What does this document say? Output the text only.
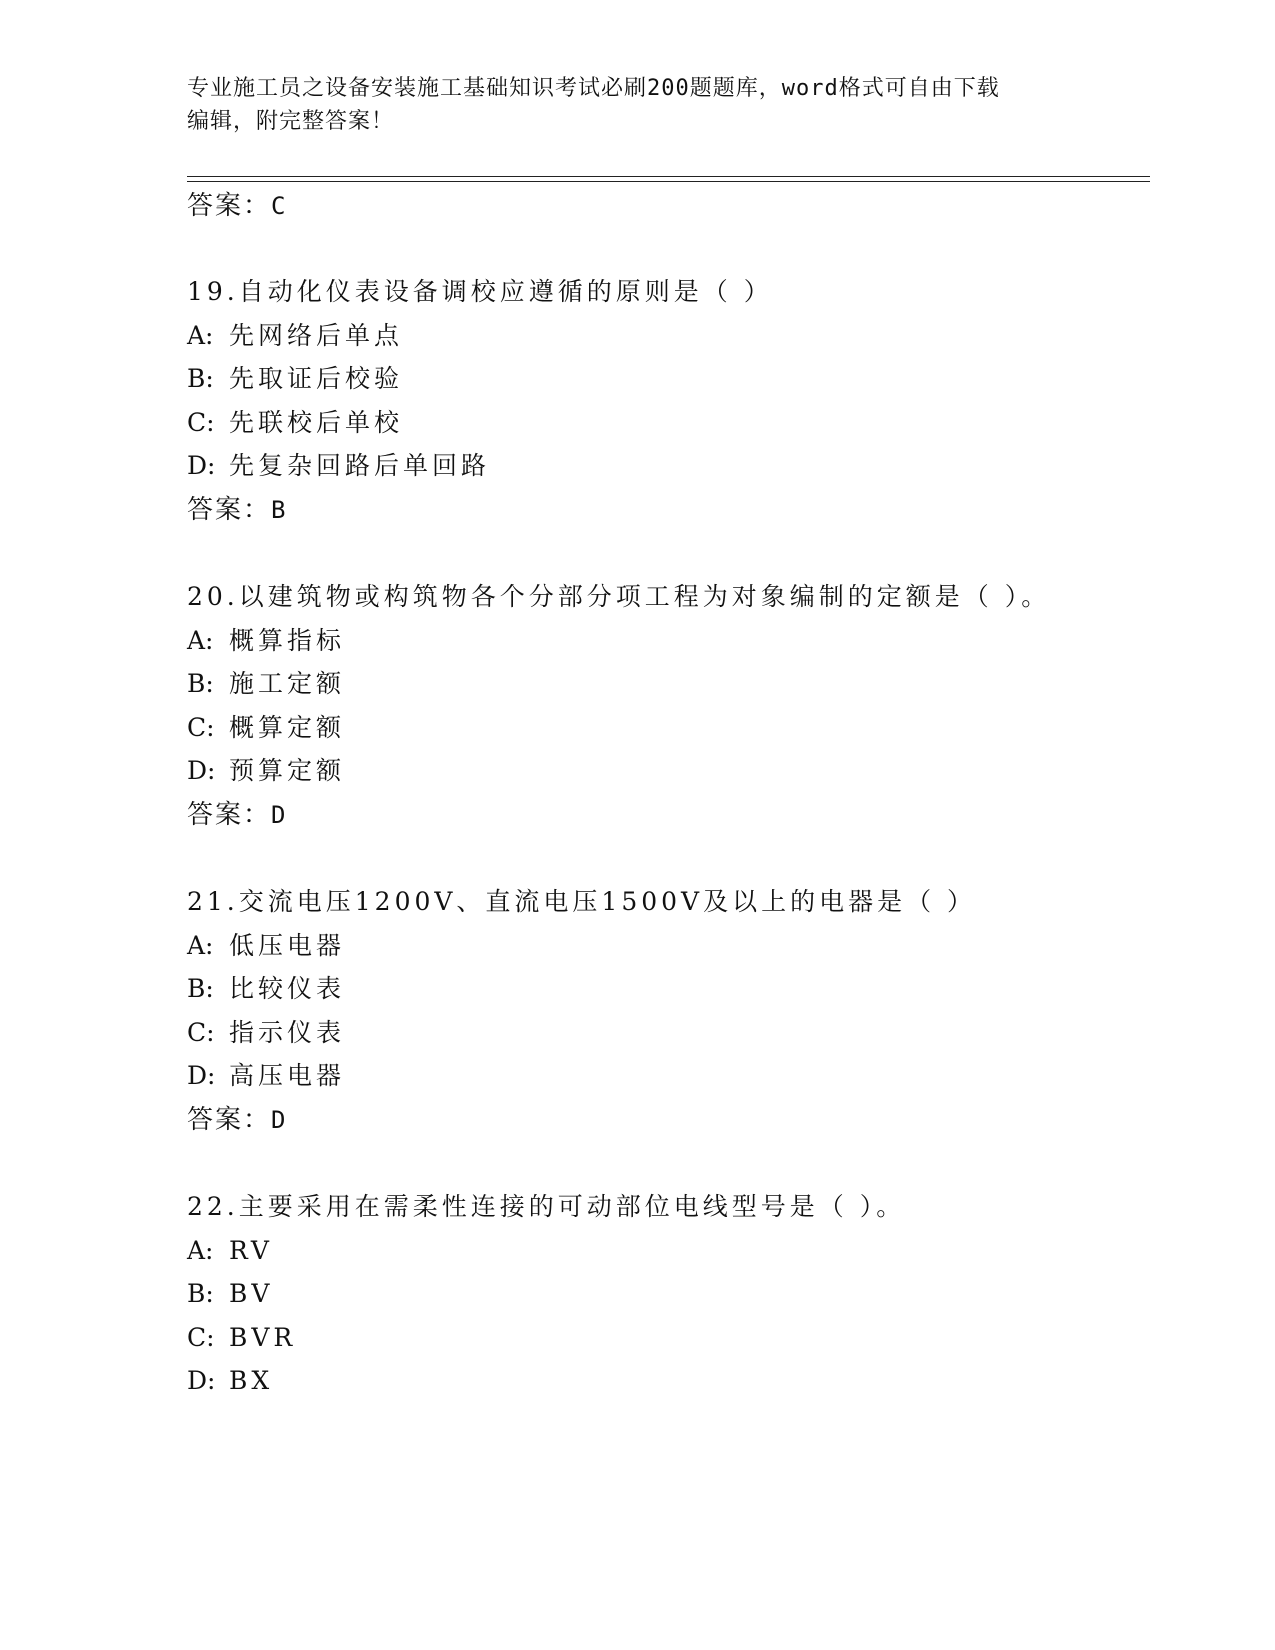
专业施工员之设备安装施工基础知识考试必刷200题题库，word格式可自由下载
编辑，附完整答案！
答案：C
19.自动化仪表设备调校应遵循的原则是（ ）
A: 先网络后单点
B: 先取证后校验
C: 先联校后单校
D: 先复杂回路后单回路
答案：B
20.以建筑物或构筑物各个分部分项工程为对象编制的定额是（ ）。
A: 概算指标
B: 施工定额
C: 概算定额
D: 预算定额
答案：D
21.交流电压1200V、直流电压1500V及以上的电器是（ ）
A: 低压电器
B: 比较仪表
C: 指示仪表
D: 高压电器
答案：D
22.主要采用在需柔性连接的可动部位电线型号是（ ）。
A: RV
B: BV
C: BVR
D: BX
